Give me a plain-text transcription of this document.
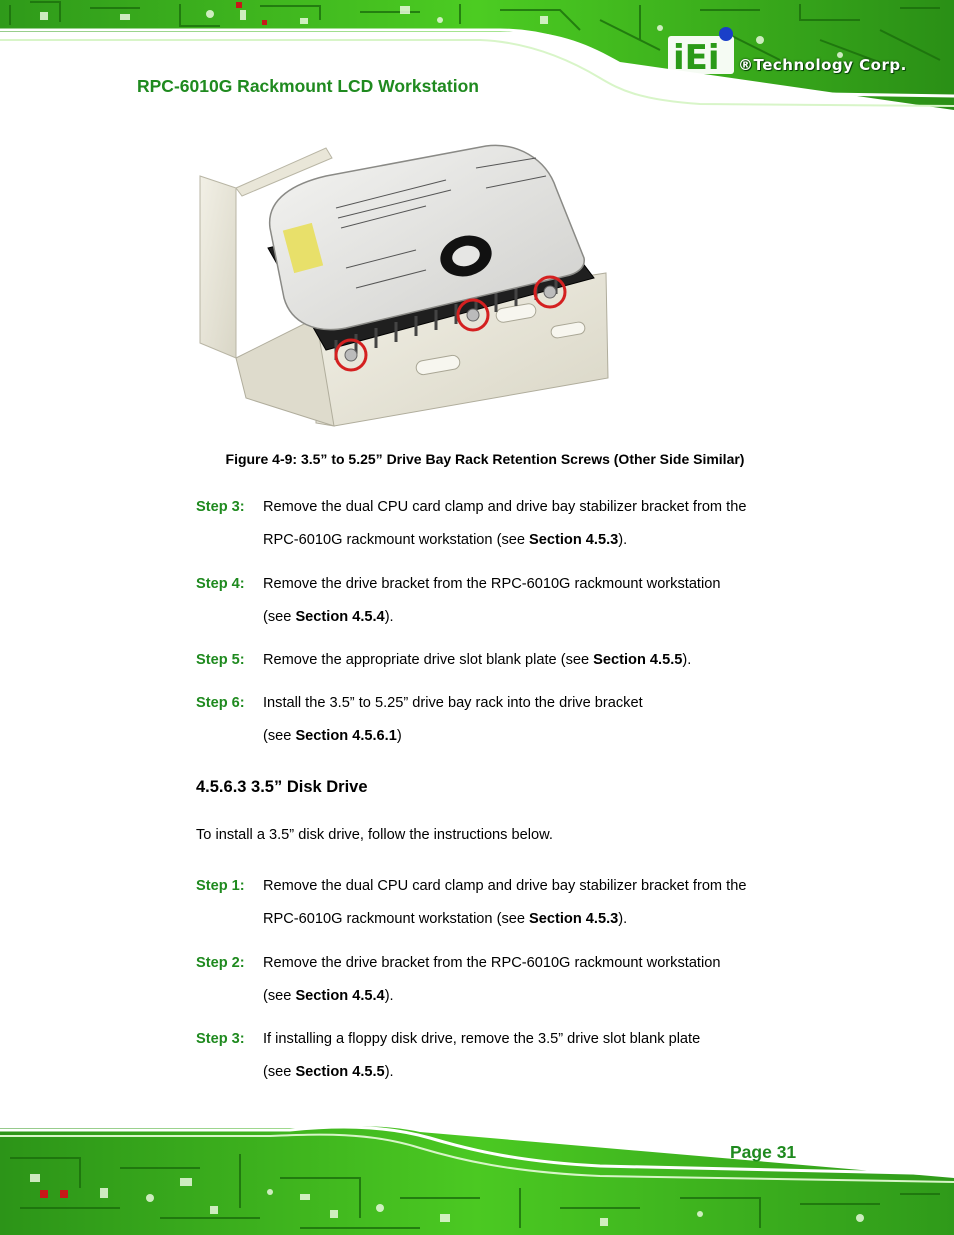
RPC-6010G Rackmount LCD Workstation
iEi ®Technology Corp.
Figure 4-9: 3.5” to 5.25” Drive Bay Rack Retention Screws (Other Side Similar)
Step 3: Remove the dual CPU card clamp and drive bay stabilizer bracket from the
RPC-6010G rackmount workstation (see Section 4.5.3).
Step 4: Remove the drive bracket from the RPC-6010G rackmount workstation
(see Section 4.5.4).
Step 5: Remove the appropriate drive slot blank plate (see Section 4.5.5).
Step 6: Install the 3.5” to 5.25” drive bay rack into the drive bracket
(see Section 4.5.6.1)
4.5.6.3 3.5” Disk Drive
To install a 3.5” disk drive, follow the instructions below.
Step 1: Remove the dual CPU card clamp and drive bay stabilizer bracket from the
RPC-6010G rackmount workstation (see Section 4.5.3).
Step 2: Remove the drive bracket from the RPC-6010G rackmount workstation
(see Section 4.5.4).
Step 3: If installing a floppy disk drive, remove the 3.5” drive slot blank plate
(see Section 4.5.5).
Page 31
